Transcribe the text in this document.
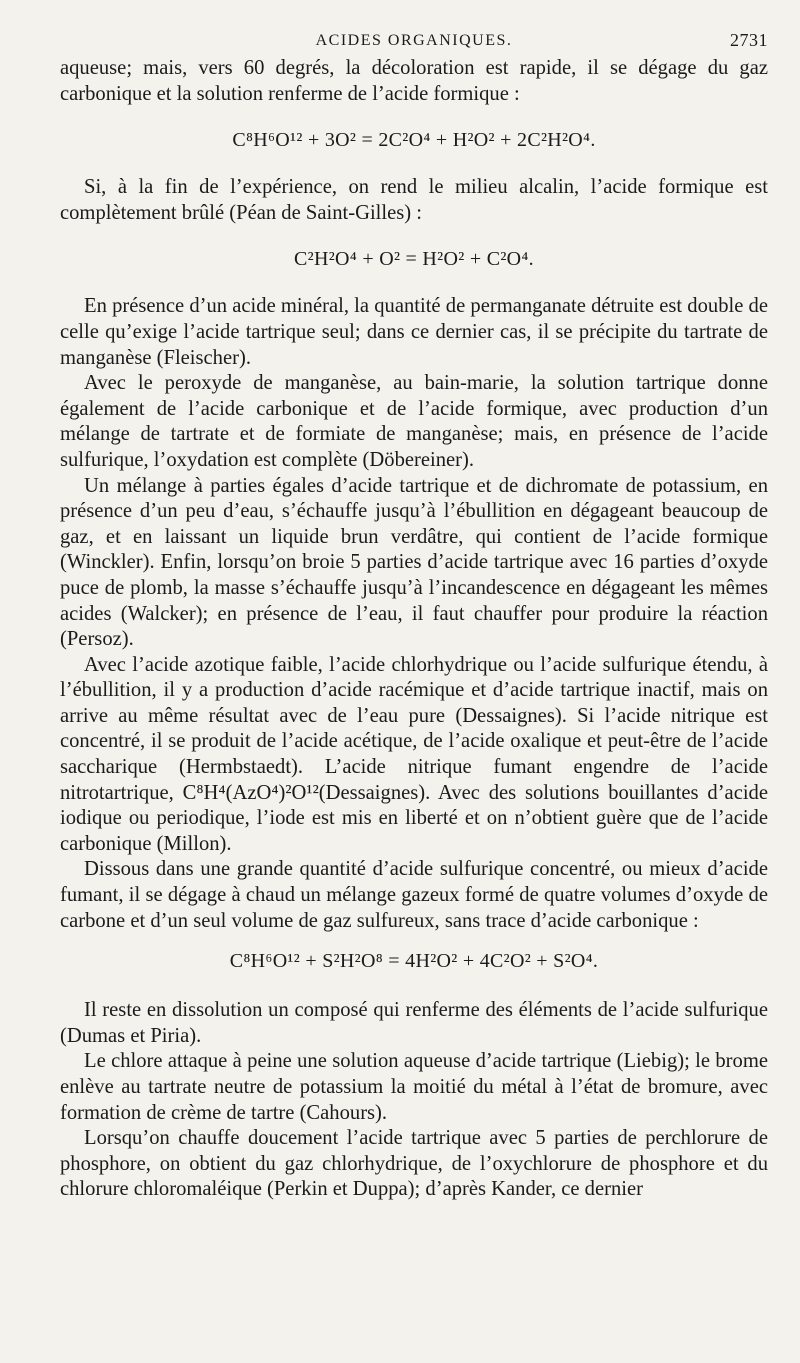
ACIDES ORGANIQUES.	2731

aqueuse; mais, vers 60 degrés, la décoloration est rapide, il se dégage du gaz carbonique et la solution renferme de l’acide formique :

C⁸H⁶O¹² + 3O² = 2C²O⁴ + H²O² + 2C²H²O⁴.

Si, à la fin de l’expérience, on rend le milieu alcalin, l’acide formique est complètement brûlé (Péan de Saint-Gilles) :

C²H²O⁴ + O² = H²O² + C²O⁴.

En présence d’un acide minéral, la quantité de permanganate détruite est double de celle qu’exige l’acide tartrique seul; dans ce dernier cas, il se précipite du tartrate de manganèse (Fleischer).

Avec le peroxyde de manganèse, au bain-marie, la solution tartrique donne également de l’acide carbonique et de l’acide formique, avec production d’un mélange de tartrate et de formiate de manganèse; mais, en présence de l’acide sulfurique, l’oxydation est complète (Döbereiner).

Un mélange à parties égales d’acide tartrique et de dichromate de potassium, en présence d’un peu d’eau, s’échauffe jusqu’à l’ébullition en dégageant beaucoup de gaz, et en laissant un liquide brun verdâtre, qui contient de l’acide formique (Winckler). Enfin, lorsqu’on broie 5 parties d’acide tartrique avec 16 parties d’oxyde puce de plomb, la masse s’échauffe jusqu’à l’incandescence en dégageant les mêmes acides (Walcker); en présence de l’eau, il faut chauffer pour produire la réaction (Persoz).

Avec l’acide azotique faible, l’acide chlorhydrique ou l’acide sulfurique étendu, à l’ébullition, il y a production d’acide racémique et d’acide tartrique inactif, mais on arrive au même résultat avec de l’eau pure (Dessaignes). Si l’acide nitrique est concentré, il se produit de l’acide acétique, de l’acide oxalique et peut-être de l’acide saccharique (Hermbstaedt). L’acide nitrique fumant engendre de l’acide nitrotartrique, C⁸H⁴(AzO⁴)²O¹²(Dessaignes). Avec des solutions bouillantes d’acide iodique ou periodique, l’iode est mis en liberté et on n’obtient guère que de l’acide carbonique (Millon).

Dissous dans une grande quantité d’acide sulfurique concentré, ou mieux d’acide fumant, il se dégage à chaud un mélange gazeux formé de quatre volumes d’oxyde de carbone et d’un seul volume de gaz sulfureux, sans trace d’acide carbonique :

C⁸H⁶O¹² + S²H²O⁸ = 4H²O² + 4C²O² + S²O⁴.

Il reste en dissolution un composé qui renferme des éléments de l’acide sulfurique (Dumas et Piria).

Le chlore attaque à peine une solution aqueuse d’acide tartrique (Liebig); le brome enlève au tartrate neutre de potassium la moitié du métal à l’état de bromure, avec formation de crème de tartre (Cahours).

Lorsqu’on chauffe doucement l’acide tartrique avec 5 parties de perchlorure de phosphore, on obtient du gaz chlorhydrique, de l’oxychlorure de phosphore et du chlorure chloromaléique (Perkin et Duppa); d’après Kander, ce dernier
